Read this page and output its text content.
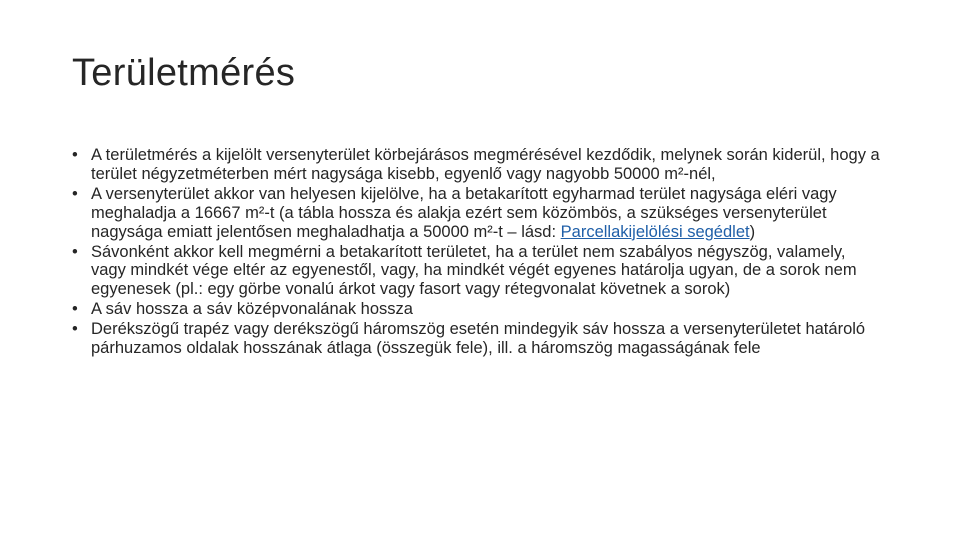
Területmérés
• A területmérés a kijelölt versenyterület körbejárásos megmérésével kezdődik, melynek során kiderül, hogy a terület négyzetméterben mért nagysága kisebb, egyenlő vagy nagyobb 50000 m²-nél,
• A versenyterület akkor van helyesen kijelölve, ha a betakarított egyharmad terület nagysága eléri vagy meghaladja a 16667 m²-t (a tábla hossza és alakja ezért sem közömbös, a szükséges versenyterület nagysága emiatt jelentősen meghaladhatja a 50000 m²-t – lásd: Parcellakijelölési segédlet)
• Sávonként akkor kell megmérni a betakarított területet, ha a terület nem szabályos négyszög, valamely, vagy mindkét vége eltér az egyenestől, vagy, ha mindkét végét egyenes határolja ugyan, de a sorok nem egyenesek (pl.: egy görbe vonalú árkot vagy fasort vagy rétegvonalat követnek a sorok)
• A sáv hossza a sáv középvonalának hossza
• Derékszögű trapéz vagy derékszögű háromszög esetén mindegyik sáv hossza a versenyterületet határoló párhuzamos oldalak hosszának átlaga (összegük fele), ill. a háromszög magasságának fele
